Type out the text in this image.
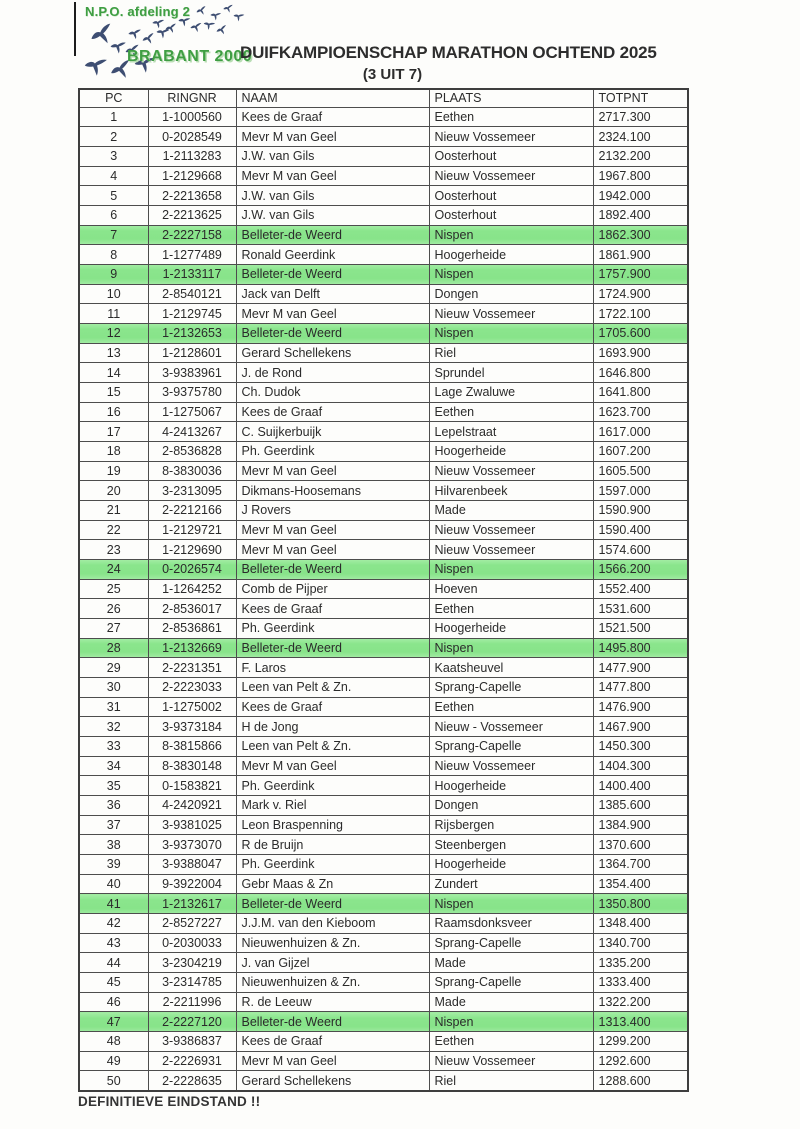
N.P.O. afdeling 2
BRABANT 2000
DUIFKAMPIOENSCHAP MARATHON OCHTEND 2025
(3 UIT 7)
PC	RINGNR	NAAM	PLAATS	TOTPNT
1	1-1000560	Kees de Graaf	Eethen	2717.300
2	0-2028549	Mevr M van Geel	Nieuw Vossemeer	2324.100
3	1-2113283	J.W. van Gils	Oosterhout	2132.200
4	1-2129668	Mevr M van Geel	Nieuw Vossemeer	1967.800
5	2-2213658	J.W. van Gils	Oosterhout	1942.000
6	2-2213625	J.W. van Gils	Oosterhout	1892.400
7	2-2227158	Belleter-de Weerd	Nispen	1862.300
8	1-1277489	Ronald Geerdink	Hoogerheide	1861.900
9	1-2133117	Belleter-de Weerd	Nispen	1757.900
10	2-8540121	Jack van Delft	Dongen	1724.900
11	1-2129745	Mevr M van Geel	Nieuw Vossemeer	1722.100
12	1-2132653	Belleter-de Weerd	Nispen	1705.600
13	1-2128601	Gerard Schellekens	Riel	1693.900
14	3-9383961	J. de Rond	Sprundel	1646.800
15	3-9375780	Ch. Dudok	Lage Zwaluwe	1641.800
16	1-1275067	Kees de Graaf	Eethen	1623.700
17	4-2413267	C. Suijkerbuijk	Lepelstraat	1617.000
18	2-8536828	Ph. Geerdink	Hoogerheide	1607.200
19	8-3830036	Mevr M van Geel	Nieuw Vossemeer	1605.500
20	3-2313095	Dikmans-Hoosemans	Hilvarenbeek	1597.000
21	2-2212166	J Rovers	Made	1590.900
22	1-2129721	Mevr M van Geel	Nieuw Vossemeer	1590.400
23	1-2129690	Mevr M van Geel	Nieuw Vossemeer	1574.600
24	0-2026574	Belleter-de Weerd	Nispen	1566.200
25	1-1264252	Comb de Pijper	Hoeven	1552.400
26	2-8536017	Kees de Graaf	Eethen	1531.600
27	2-8536861	Ph. Geerdink	Hoogerheide	1521.500
28	1-2132669	Belleter-de Weerd	Nispen	1495.800
29	2-2231351	F. Laros	Kaatsheuvel	1477.900
30	2-2223033	Leen van Pelt & Zn.	Sprang-Capelle	1477.800
31	1-1275002	Kees de Graaf	Eethen	1476.900
32	3-9373184	H de Jong	Nieuw - Vossemeer	1467.900
33	8-3815866	Leen van Pelt & Zn.	Sprang-Capelle	1450.300
34	8-3830148	Mevr M van Geel	Nieuw Vossemeer	1404.300
35	0-1583821	Ph. Geerdink	Hoogerheide	1400.400
36	4-2420921	Mark v. Riel	Dongen	1385.600
37	3-9381025	Leon Braspenning	Rijsbergen	1384.900
38	3-9373070	R de Bruijn	Steenbergen	1370.600
39	3-9388047	Ph. Geerdink	Hoogerheide	1364.700
40	9-3922004	Gebr Maas & Zn	Zundert	1354.400
41	1-2132617	Belleter-de Weerd	Nispen	1350.800
42	2-8527227	J.J.M. van den Kieboom	Raamsdonksveer	1348.400
43	0-2030033	Nieuwenhuizen & Zn.	Sprang-Capelle	1340.700
44	3-2304219	J. van Gijzel	Made	1335.200
45	3-2314785	Nieuwenhuizen & Zn.	Sprang-Capelle	1333.400
46	2-2211996	R. de Leeuw	Made	1322.200
47	2-2227120	Belleter-de Weerd	Nispen	1313.400
48	3-9386837	Kees de Graaf	Eethen	1299.200
49	2-2226931	Mevr M van Geel	Nieuw Vossemeer	1292.600
50	2-2228635	Gerard Schellekens	Riel	1288.600
DEFINITIEVE EINDSTAND !!
